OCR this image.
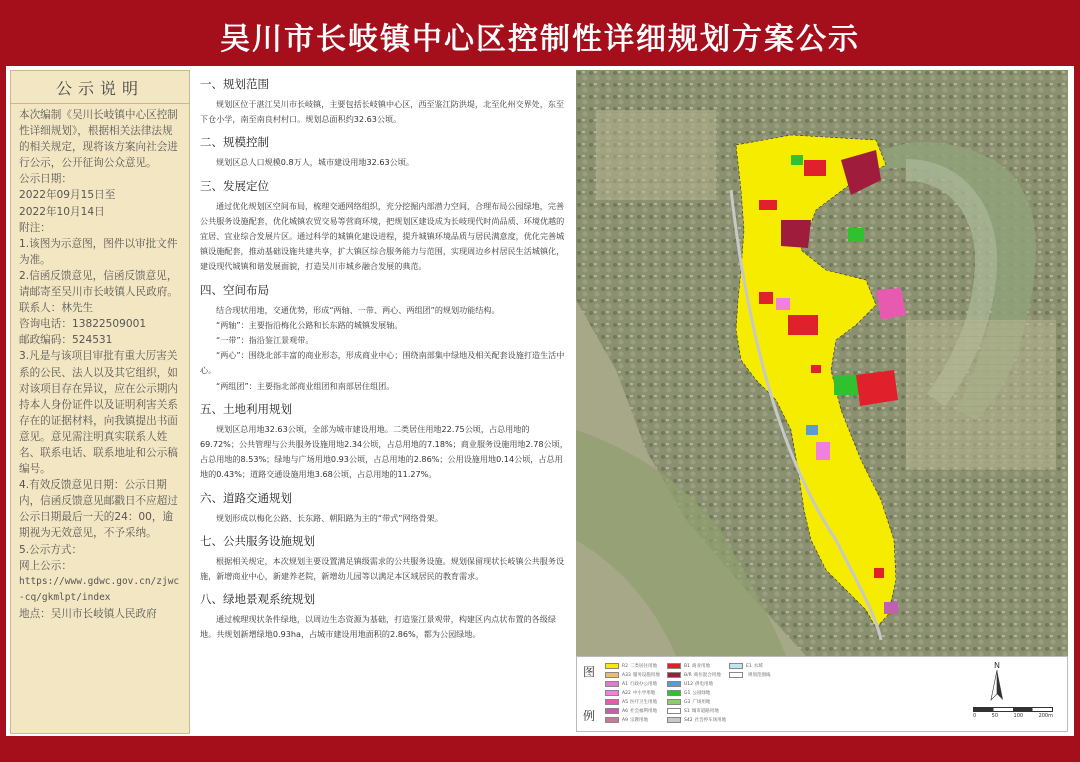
吴川市长岐镇中心区控制性详细规划方案公示
公示说明

本次编制《吴川长岐镇中心区控制性详细规划》，根据相关法律法规的相关规定，现将该方案向社会进行公示，公开征询公众意见。

公示日期：

2022年09月15日至

2022年10月14日

附注：

1.该图为示意图，图件以审批文件为准。

2.信函反馈意见，信函反馈意见，请邮寄至吴川市长岐镇人民政府。

联系人：林先生

咨询电话：13822509001

邮政编码：524531

3.凡是与该项目审批有重大厉害关系的公民、法人以及其它组织，如对该项目存在异议，应在公示期内持本人身份证件以及证明利害关系存在的证据材料，向我镇提出书面意见。意见需注明真实联系人姓名、联系电话、联系地址和公示稿编号。

4.有效反馈意见日期：公示日期内，信函反馈意见邮戳日不应超过公示日期最后一天的24：00，逾期视为无效意见，不予采纳。

5.公示方式：

网上公示：

https://www.gdwc.gov.cn/zjwc-cq/gkmlpt/index

地点：吴川市长岐镇人民政府

一、规划范围

规划区位于湛江吴川市长岐镇，主要包括长岐镇中心区，西至鉴江防洪堤，北至化州交界处，东至下仓小学，南至南良村村口。规划总面积约32.63公顷。

二、规模控制

规划区总人口规模0.8万人，城市建设用地32.63公顷。

三、发展定位

通过优化规划区空间布局，梳理交通网络组织，充分挖掘内部潜力空间，合理布局公园绿地，完善公共服务设施配套，优化城镇农贸交易等营商环境，把规划区建设成为长岐现代时尚品质、环境优越的宜居、宜业综合发展片区。通过科学的城镇化建设进程，提升城镇环境品质与居民满意度，优化完善城镇设施配套，推动基础设施共建共享，扩大镇区综合服务能力与范围，实现周边乡村居民生活城镇化，建设现代城镇和谐发展面貌，打造吴川市城乡融合发展的典范。

四、空间布局

结合现状用地，交通优势，形成“两轴、一带、两心、两组团”的规划功能结构。

“两轴”：主要指沿梅化公路和长东路的城镇发展轴。

“一带”：指沿鉴江景观带。

“两心”：围绕北部丰富的商业形态，形成商业中心；围绕南部集中绿地及相关配套设施打造生活中心。

“两组团”：主要指北部商业组团和南部居住组团。

五、土地利用规划

规划区总用地32.63公顷，全部为城市建设用地。二类居住用地22.75公顷，占总用地的69.72%；公共管理与公共服务设施用地2.34公顷，占总用地的7.18%；商业服务设施用地2.78公顷，占总用地的8.53%；绿地与广场用地0.93公顷，占总用地的2.86%；公用设施用地0.14公顷，占总用地的0.43%；道路交通设施用地3.68公顷，占总用地的11.27%。

六、道路交通规划

规划形成以梅化公路、长东路、朝阳路为主的“带式”网络骨架。

七、公共服务设施规划

根据相关规定，本次规划主要设置满足镇级需求的公共服务设施。规划保留现状长岐镇公共服务设施，新增商业中心，新建养老院，新增幼儿园等以满足本区域居民的教育需求。

八、绿地景观系统规划

通过梳理现状条件绿地，以周边生态资源为基础，打造鉴江景观带，构建区内点状布置的各级绿地。共规划新增绿地0.93ha，占城市建设用地面积的2.86%，都为公园绿地。

图
例
N
0	50	100	200m
R2 二类居住用地
A33 服务设施用地
A1 行政办公用地
A22 中小学用地
A5 医疗卫生用地
A6 社会福利用地
A9 宗教用地
B1 商业用地
B/R 商住混合用地
U12 供电用地
G1 公园绿地
G3 广场用地
S1 城市道路用地
S42 社会停车场用地
E1 水域
规划范围线
